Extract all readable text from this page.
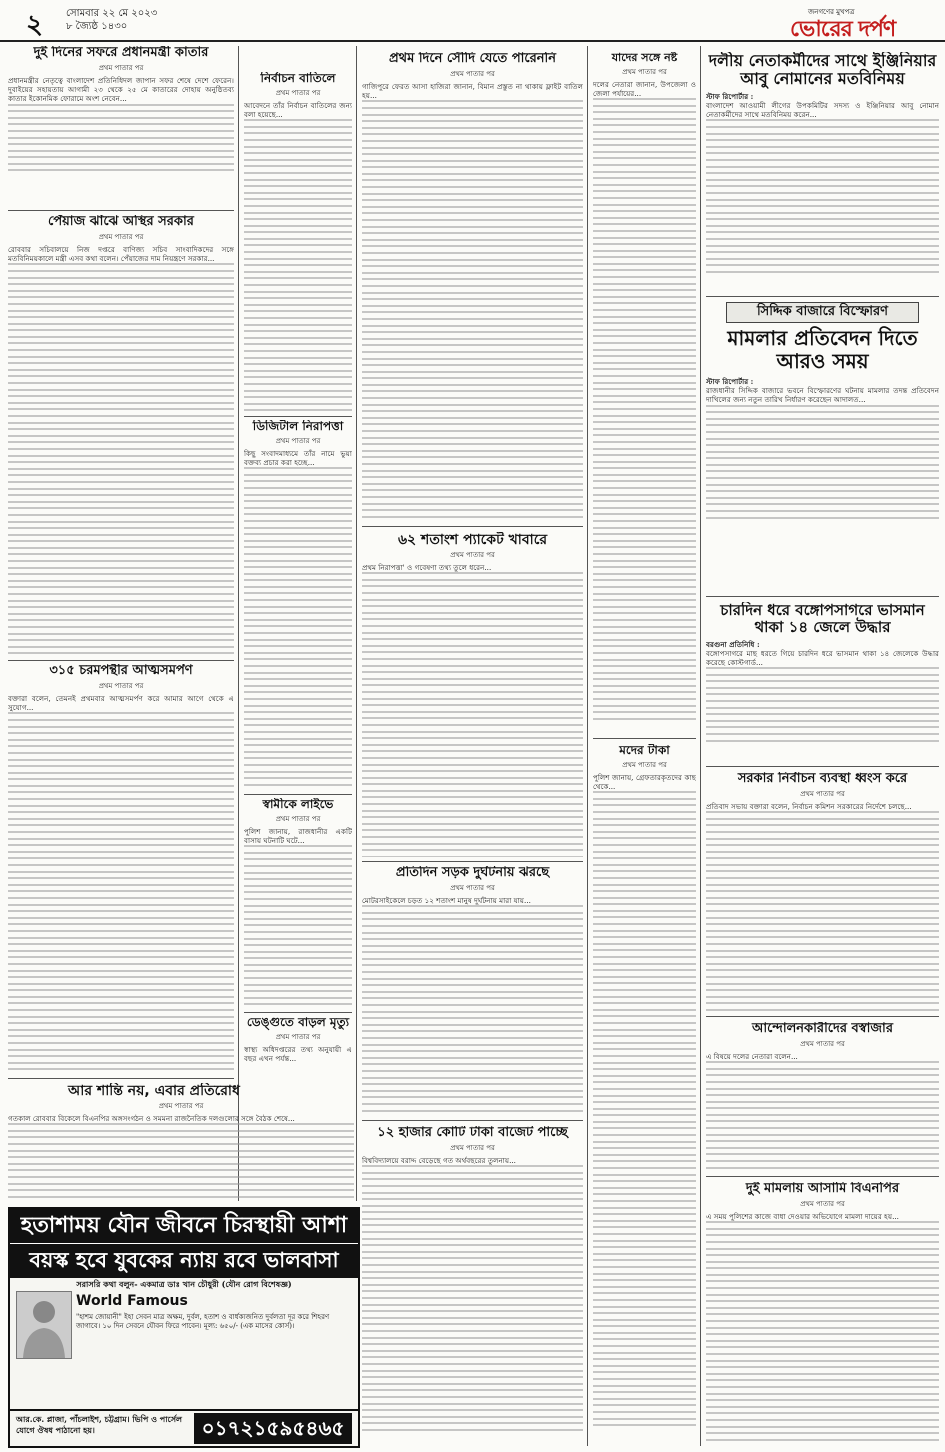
২ সোমবার ২২ মে ২০২৩
৮ জ্যৈষ্ঠ ১৪৩০
জনগণের মুখপত্র
ভোরের দর্পণ
দুই দিনের সফরে প্রধানমন্ত্রী কাতার
প্রথম পাতার পর
প্রধানমন্ত্রীর নেতৃত্বে বাংলাদেশ প্রতিনিধিদল জাপান সফর শেষে দেশে ফেরেন। দুবাইয়ের সহায়তায় আগামী ২৩ থেকে ২৫ মে কাতারের দোহায় অনুষ্ঠিতব্য কাতার ইকোনমিক ফোরামে অংশ নেবেন...
পেঁয়াজ ঝাঁঝে অস্থির সরকার
প্রথম পাতার পর
রোববার সচিবালয়ে নিজ দপ্তরে বাণিজ্য সচিব সাংবাদিকদের সঙ্গে মতবিনিময়কালে মন্ত্রী এসব কথা বলেন। পেঁয়াজের দাম নিয়ন্ত্রণে সরকার...
৩১৫ চরমপন্থীর আত্মসমর্পণ
প্রথম পাতার পর
বক্তারা বলেন, তেমনই প্রথমবার আত্মসমর্পণ করে আমার আগে থেকে এ সুযোগ...
আর শান্তি নয়, এবার প্রতিরোধ
প্রথম পাতার পর
গতকাল রোববার বিকেলে বিএনপির অঙ্গসংগঠন ও সমমনা রাজনৈতিক দলগুলোর সঙ্গে বৈঠক শেষে...
নির্বাচন বাতিলে
প্রথম পাতার পর
আবেদনে তাঁর নির্বাচন বাতিলের জন্য বলা হয়েছে...
ডিজিটাল নিরাপত্তা
প্রথম পাতার পর
কিছু সংবাদমাধ্যমে তাঁর নামে ভুয়া বক্তব্য প্রচার করা হচ্ছে...
স্বামীকে লাইভে
প্রথম পাতার পর
পুলিশ জানায়, রাজধানীর একটি বাসায় ঘটনাটি ঘটে...
ডেঙ্গুতে বাড়ল মৃত্যু
প্রথম পাতার পর
স্বাস্থ্য অধিদপ্তরের তথ্য অনুযায়ী এ বছর এখন পর্যন্ত...
প্রথম দিনে সৌদি যেতে পারেননি
প্রথম পাতার পর
গাজিপুরে ফেরত আসা হাজিরা জানান, বিমান প্রস্তুত না থাকায় ফ্লাইট বাতিল হয়...
৬২ শতাংশ প্যাকেট খাবারে
প্রথম পাতার পর
প্রথম নিরাপত্তা' ও গবেষণা তথ্য তুলে ধরেন...
প্রতিদিন সড়ক দুর্ঘটনায় ঝরছে
প্রথম পাতার পর
মোটরসাইকেলে চড়ত ১২ শতাংশ মানুষ দুর্ঘটনায় মারা যায়...
১২ হাজার কোটি টাকা বাজেট পাচ্ছে
প্রথম পাতার পর
বিশ্ববিদ্যালয়ে বরাদ্দ বেড়েছে গত অর্থবছরের তুলনায়...
যাদের সঙ্গে নষ্ট
প্রথম পাতার পর
দলের নেতারা জানান, উপজেলা ও জেলা পর্যায়ের...
মদের টাকা
প্রথম পাতার পর
পুলিশ জানায়, গ্রেফতারকৃতদের কাছ থেকে...
দলীয় নেতাকর্মীদের সাথে ইঞ্জিনিয়ার আবু নোমানের মতবিনিময়
স্টাফ রিপোর্টার :
বাংলাদেশ আওয়ামী লীগের উপকমিটির সদস্য ও ইঞ্জিনিয়ার আবু নোমান নেতাকর্মীদের সাথে মতবিনিময় করেন...
সিদ্দিক বাজারে বিস্ফোরণ
মামলার প্রতিবেদন দিতে আরও সময়
স্টাফ রিপোর্টার :
রাজধানীর সিদ্দিক বাজারে ভবনে বিস্ফোরণের ঘটনায় মামলার তদন্ত প্রতিবেদন দাখিলের জন্য নতুন তারিখ নির্ধারণ করেছেন আদালত...
চারদিন ধরে বঙ্গোপসাগরে ভাসমান থাকা ১৪ জেলে উদ্ধার
বরগুনা প্রতিনিধি :
বঙ্গোপসাগরে মাছ ধরতে গিয়ে চারদিন ধরে ভাসমান থাকা ১৪ জেলেকে উদ্ধার করেছে কোস্টগার্ড...
সরকার নির্বাচন ব্যবস্থা ধ্বংস করে
প্রথম পাতার পর
প্রতিবাদ সভায় বক্তারা বলেন, নির্বাচন কমিশন সরকারের নির্দেশে চলছে...
আন্দোলনকারীদের বস্বাজার
প্রথম পাতার পর
এ বিষয়ে দলের নেতারা বলেন...
দুই মামলায় আসামি বিএনপির
প্রথম পাতার পর
এ সময় পুলিশের কাজে বাধা দেওয়ার অভিযোগে মামলা দায়ের হয়...
হতাশাময় যৌন জীবনে চিরস্থায়ী আশা
বয়স্ক হবে যুবকের ন্যায় রবে ভালবাসা
সরাসরি কথা বলুন- একমাত্র ডাঃ খান চৌধুরী (যৌন রোগ বিশেষজ্ঞ)
World Famous
"হাশম জোয়ানী" ইহা সেবন মাত্র অক্ষম, দুর্বল, হতাশ ও বার্ধক্যজনিত দুর্বলতা দূর করে শিহরণ জাগাবে। ১০ দিন সেবনে যৌবন ফিরে পাবেন। মূল্য: ৬৫০/- (এক মাসের কোর্স)।
আর.কে. প্লাজা, পাঁচলাইশ, চট্টগ্রাম। ভিপি ও পার্সেল যোগে ঔষধ পাঠানো হয়।	০১৭২১৫৯৫৪৬৫
